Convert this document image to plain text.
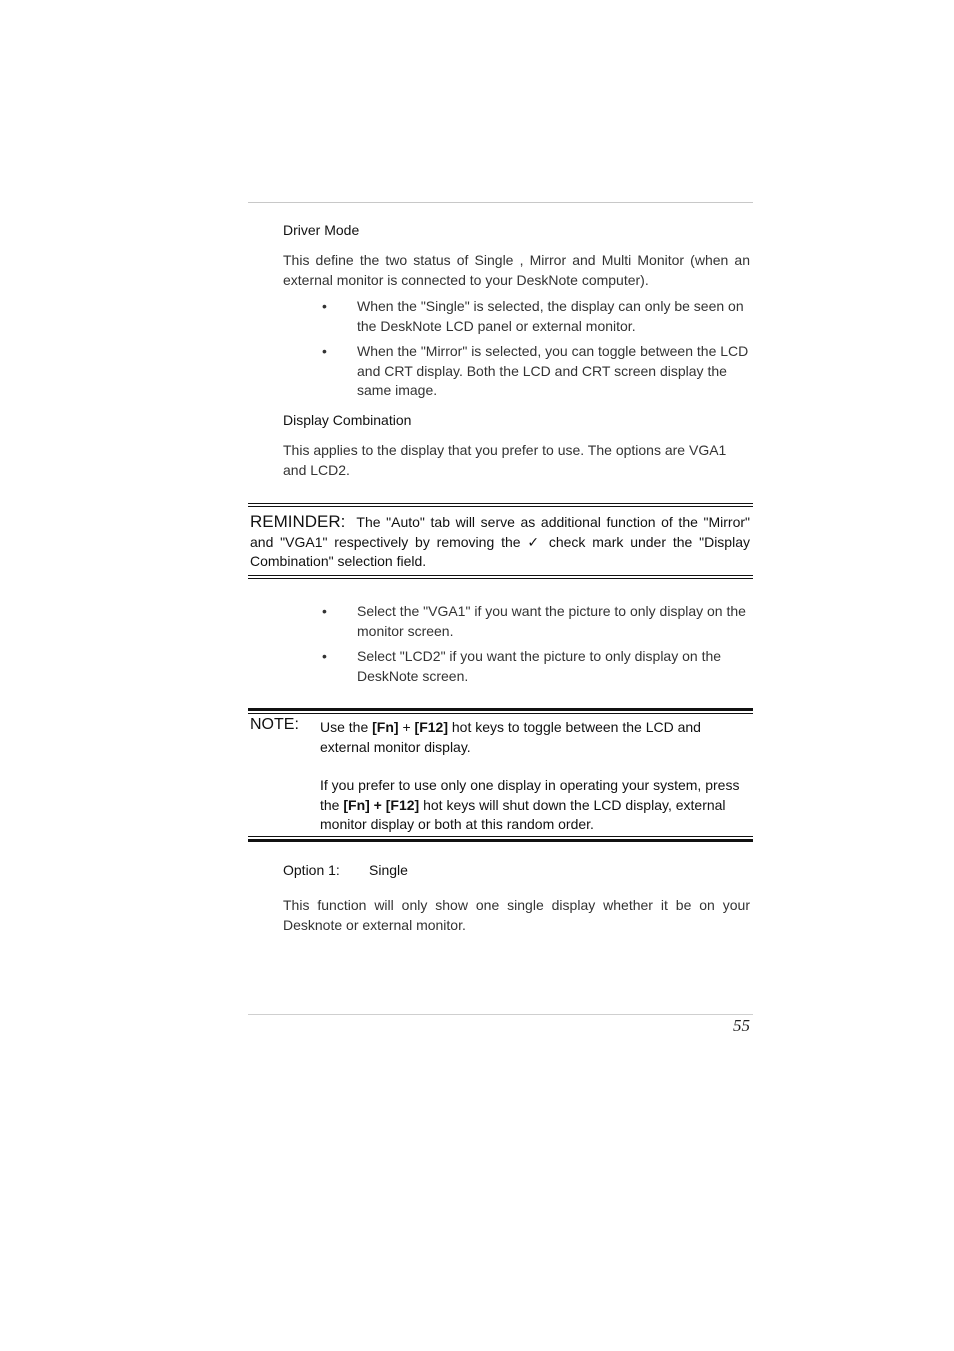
Driver Mode
This define the two status of Single , Mirror and Multi Monitor (when an external monitor is connected to your DeskNote computer).
•	When the "Single" is selected, the display can only be seen on the DeskNote LCD panel or external monitor.
•	When the "Mirror" is selected, you can toggle between the LCD and CRT display. Both the LCD and CRT screen display the same image.
Display Combination
This applies to the display that you prefer to use. The options are VGA1 and LCD2.
REMINDER: The "Auto" tab will serve as additional function of the "Mirror" and "VGA1" respectively by removing the ✓ check mark under the "Display Combination" selection field.
•	Select the "VGA1" if you want the picture to only display on the monitor screen.
•	Select "LCD2" if you want the picture to only display on the DeskNote screen.
NOTE: Use the [Fn] + [F12] hot keys to toggle between the LCD and external monitor display.
If you prefer to use only one display in operating your system, press the [Fn] + [F12] hot keys will shut down the LCD display, external monitor display or both at this random order.
Option 1: Single
This function will only show one single display whether it be on your Desknote or external monitor.
55
